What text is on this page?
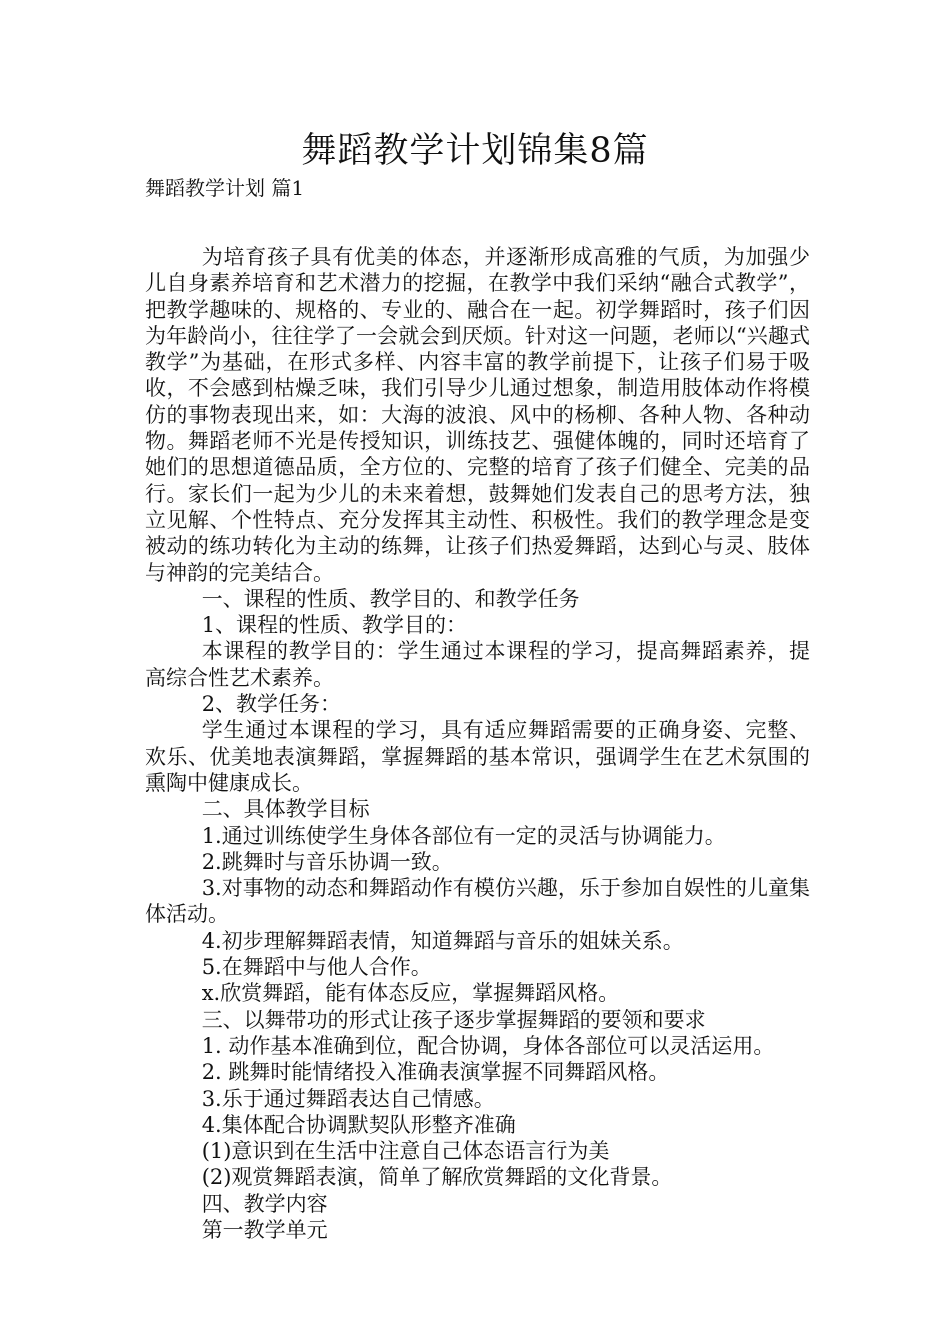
舞蹈教学计划锦集8篇
舞蹈教学计划 篇1

为培育孩子具有优美的体态，并逐渐形成高雅的气质，为加强少儿自身素养培育和艺术潜力的挖掘，在教学中我们采纳“融合式教学”，把教学趣味的、规格的、专业的、融合在一起。初学舞蹈时，孩子们因为年龄尚小，往往学了一会就会到厌烦。针对这一问题，老师以“兴趣式教学”为基础，在形式多样、内容丰富的教学前提下，让孩子们易于吸收，不会感到枯燥乏味，我们引导少儿通过想象，制造用肢体动作将模仿的事物表现出来，如：大海的波浪、风中的杨柳、各种人物、各种动物。舞蹈老师不光是传授知识，训练技艺、强健体魄的，同时还培育了她们的思想道德品质，全方位的、完整的培育了孩子们健全、完美的品行。家长们一起为少儿的未来着想，鼓舞她们发表自己的思考方法，独立见解、个性特点、充分发挥其主动性、积极性。我们的教学理念是变被动的练功转化为主动的练舞，让孩子们热爱舞蹈，达到心与灵、肢体与神韵的完美结合。

一、课程的性质、教学目的、和教学任务

1、课程的性质、教学目的：

本课程的教学目的：学生通过本课程的学习，提高舞蹈素养，提高综合性艺术素养。

2、教学任务：

学生通过本课程的学习，具有适应舞蹈需要的正确身姿、完整、欢乐、优美地表演舞蹈，掌握舞蹈的基本常识，强调学生在艺术氛围的熏陶中健康成长。

二、具体教学目标

1.通过训练使学生身体各部位有一定的灵活与协调能力。

2.跳舞时与音乐协调一致。

3.对事物的动态和舞蹈动作有模仿兴趣，乐于参加自娱性的儿童集体活动。

4.初步理解舞蹈表情，知道舞蹈与音乐的姐妹关系。

5.在舞蹈中与他人合作。

x.欣赏舞蹈，能有体态反应，掌握舞蹈风格。

三、以舞带功的形式让孩子逐步掌握舞蹈的要领和要求

1. 动作基本准确到位，配合协调，身体各部位可以灵活运用。

2. 跳舞时能情绪投入准确表演掌握不同舞蹈风格。

3.乐于通过舞蹈表达自己情感。

4.集体配合协调默契队形整齐准确

(1)意识到在生活中注意自己体态语言行为美

(2)观赏舞蹈表演，简单了解欣赏舞蹈的文化背景。

四、教学内容

第一教学单元
